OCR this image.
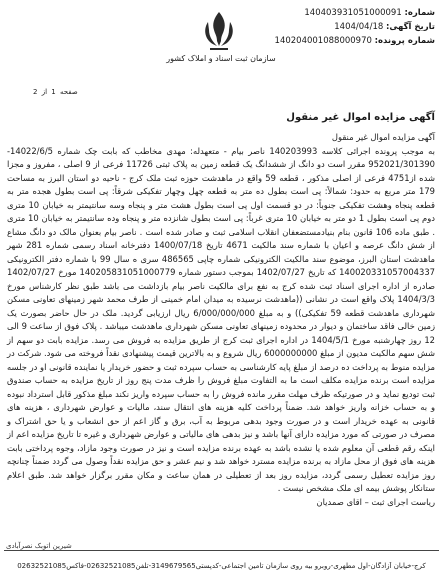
شماره: 140403931051000091
تاریخ آگهی: 1404/04/18
شماره پرونده: 140204001088000970
سازمان ثبت اسناد و املاک کشور
صفحه 1 از 2
آگهی مزایده اموال غیر منقول
آگهی مزایده اموال غیر منقول
به موجب پرونده اجرائی کلاسه 140203993 ناصر بیام - متعهدله: مهدی مخاطب که بابت چک شماره 14022/6/5-952021/301390 مقرر است دو دانگ از ششدانگ یک قطعه زمین به پلاک ثبتی 11726 فرعی از 9 اصلی ، مفروز و مجزا شده از4751 فرعی از اصلی مذکور ، قطعه 59 واقع در ماهدشت حوزه ثبت ملک کرج - ناحیه دو استان البرز به مساحت 179 متر مربع به حدود: شمالاً: پی است بطول ده متر به قطعه چهل وچهار تفکیکی شرقاً: پی است بطول هجده متر به قطعه پنجاه وهشت تفکیکی جنوباً: در دو قسمت اول پی است بطول هشت متر و پنجاه وسه سانتیمتر به خیابان 10 متری دوم پی است بطول 1 دو متر به خیابان 10 متری غرباً: پی است بطول شانزده متر و پنجاه وده سانتیمتر به خیابان 10 متری . طبق ماده 106 قانون بنام بنیادمستضعفان انقلاب اسلامی ثبت و صادر شده است . ناصر بیام بعنوان مالک دو دانگ مشاع از شش دانگ عرصه و اعیان با شماره سند مالکیت 4671 تاریخ 1400/07/18 دفترخانه اسناد رسمی شماره 281 شهر ماهدشت استان البرز، موضوع سند مالکیت الکترونیکی شماره چاپی 486565 سری ه سال 99 با شماره دفتر الکترونیکی 140020331057004337 که تاریخ 1402/07/27 بموجب دستور شماره 140205831051000779 مورخ 1402/07/27 صادره از اداره اجرای اسناد ثبت شده کرج به نفع برای مالکیت ناصر بیام بازداشت می باشد طبق نظر کارشناس مورخ 1404/3/3 پلاک واقع است در نشانی ((ماهدشت نرسیده به میدان امام خمینی از طرف محمد شهر زمینهای تعاونی مسکن شهرداری ماهدشت قطعه 59 تفکیکی)) و به مبلغ 6/000/000/000 ریال ارزیابی گردید. ملک در حال حاضر بصورت یک زمین خالی فاقد ساختمان و دیوار در محدوده زمینهای تعاونی مسکن شهرداری ماهدشت میباشد . پلاک فوق از ساعت 9 الی 12 روز چهارشنبه مورخ 1404/5/1 در اداره اجرای ثبت کرج از طریق مزایده به فروش می رسد. مزایده بابت دو سهم از شش سهم مالکیت مدیون از مبلغ 6000000000 ریال شروع و به بالاترین قیمت پیشنهادی نقداً فروخته می شود. شرکت در مزایده منوط به پرداخت ده درصد از مبلغ پایه کارشناسی به حساب سپرده ثبت و حضور خریدار یا نماینده قانونی او در جلسه مزایده است برنده مزایده مکلف است ما به التفاوت مبلغ فروش را ظرف مدت پنج روز از تاریخ مزایده به حساب صندوق ثبت تودیع نماید و در صورتیکه ظرف مهلت مقرر مانده فروش را به حساب سپرده واریز نکند مبلغ مذکور قابل استرداد نبوده و به حساب خزانه واریز خواهد شد. ضمناً پرداخت کلیه هزینه های انتقال سند، مالیات و عوارض شهرداری ، هزینه های قانونی به عهده خریدار است و در صورت وجود بدهی مربوط به آب، برق و گاز اعم از حق انشعاب و یا حق اشتراک و مصرف در صورتی که مورد مزایده دارای آنها باشد و نیز بدهی های مالیاتی و عوارض شهرداری و غیره تا تاریخ مزایده اعم از اینکه رقم قطعی آن معلوم شده یا نشده باشد به عهده برنده مزایده است و نیز در صورت وجود مازاد، وجوه پرداختی بابت هزینه های فوق از محل مازاد به برنده مزایده مسترد خواهد شد و نیم عشر و حق مزایده نقداً وصول می گردد ضمناً چنانچه روز مزایده تعطیل رسمی گردد، مزایده روز بعد از تعطیلی در همان ساعت و مکان مقرر برگزار خواهد شد. طبق اعلام ستانکار پوشش بیمه ای ملک مشخص نیست .
ریاست اجرای ثبت – اقای صمدیان
شیرین اتوبک نصرآبادی
کرج-خیابان آزادگان-اول مطهری-روبرو بیه روی سازمان تامین اجتماعی-کدپستی3149679565-تلفن02632521085-فاکس02632521085
